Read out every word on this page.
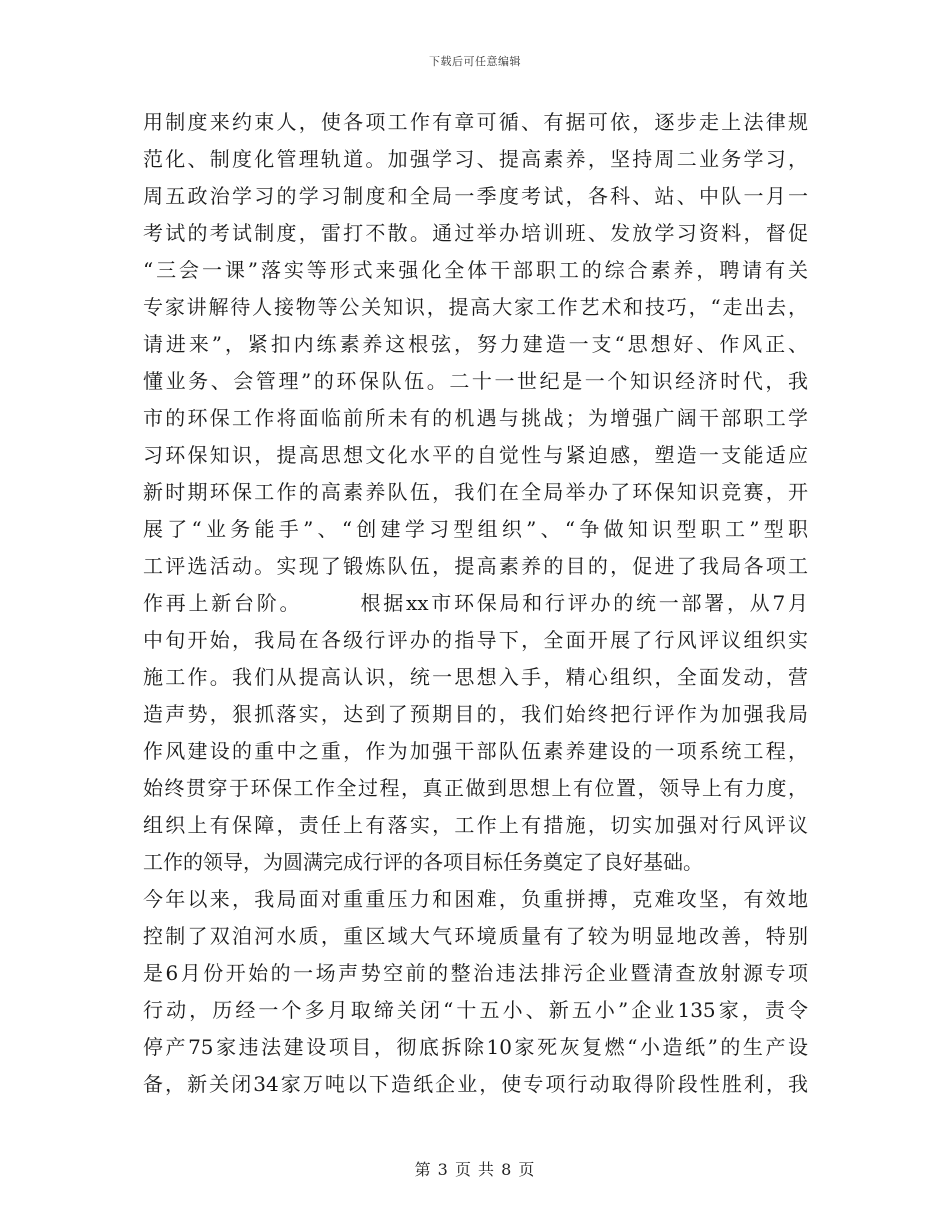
下载后可任意编辑
用制度来约束人，使各项工作有章可循、有据可依，逐步走上法律规
范化、制度化管理轨道。加强学习、提高素养，坚持周二业务学习，
周五政治学习的学习制度和全局一季度考试，各科、站、中队一月一
考试的考试制度，雷打不散。通过举办培训班、发放学习资料，督促
“三会一课”落实等形式来强化全体干部职工的综合素养，聘请有关
专家讲解待人接物等公关知识，提高大家工作艺术和技巧，“走出去，
请进来”，紧扣内练素养这根弦，努力建造一支“思想好、作风正、
懂业务、会管理”的环保队伍。二十一世纪是一个知识经济时代，我
市的环保工作将面临前所未有的机遇与挑战；为增强广阔干部职工学
习环保知识，提高思想文化水平的自觉性与紧迫感，塑造一支能适应
新时期环保工作的高素养队伍，我们在全局举办了环保知识竞赛，开
展了“业务能手”、“创建学习型组织”、“争做知识型职工”型职
工评选活动。实现了锻炼队伍，提高素养的目的，促进了我局各项工
作再上新台阶。　　　根据xx市环保局和行评办的统一部署，从7月
中旬开始，我局在各级行评办的指导下，全面开展了行风评议组织实
施工作。我们从提高认识，统一思想入手，精心组织，全面发动，营
造声势，狠抓落实，达到了预期目的，我们始终把行评作为加强我局
作风建设的重中之重，作为加强干部队伍素养建设的一项系统工程，
始终贯穿于环保工作全过程，真正做到思想上有位置，领导上有力度，
组织上有保障，责任上有落实，工作上有措施，切实加强对行风评议
工作的领导，为圆满完成行评的各项目标任务奠定了良好基础。
今年以来，我局面对重重压力和困难，负重拼搏，克难攻坚，有效地
控制了双洎河水质，重区域大气环境质量有了较为明显地改善，特别
是6月份开始的一场声势空前的整治违法排污企业暨清查放射源专项
行动，历经一个多月取缔关闭“十五小、新五小”企业135家，责令
停产75家违法建设项目，彻底拆除10家死灰复燃“小造纸”的生产设
备，新关闭34家万吨以下造纸企业，使专项行动取得阶段性胜利，我
第 3 页 共 8 页
